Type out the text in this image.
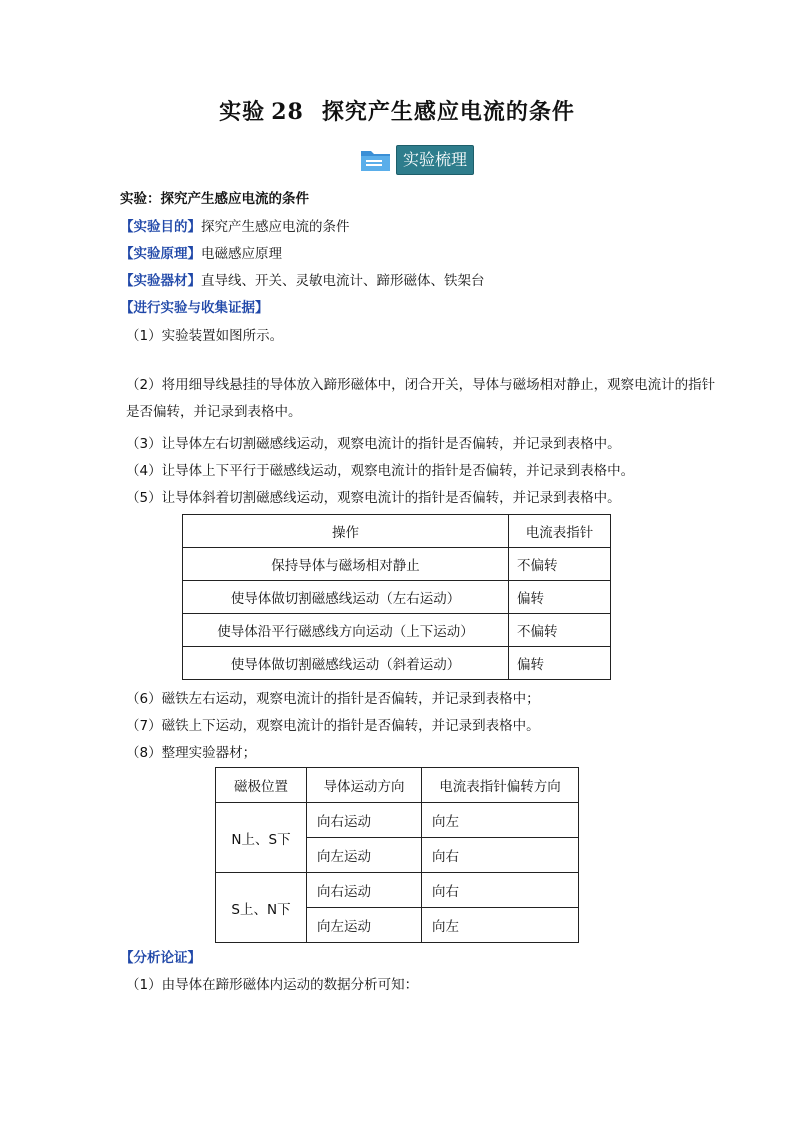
实验 28 探究产生感应电流的条件
实验梳理
实验：探究产生感应电流的条件
【实验目的】探究产生感应电流的条件
【实验原理】电磁感应原理
【实验器材】直导线、开关、灵敏电流计、蹄形磁体、铁架台
【进行实验与收集证据】
（1）实验装置如图所示。
（2）将用细导线悬挂的导体放入蹄形磁体中，闭合开关，导体与磁场相对静止，观察电流计的指针是否偏转，并记录到表格中。
（3）让导体左右切割磁感线运动，观察电流计的指针是否偏转，并记录到表格中。
（4）让导体上下平行于磁感线运动，观察电流计的指针是否偏转，并记录到表格中。
（5）让导体斜着切割磁感线运动，观察电流计的指针是否偏转，并记录到表格中。
操作	电流表指针
保持导体与磁场相对静止	不偏转
使导体做切割磁感线运动（左右运动）	偏转
使导体沿平行磁感线方向运动（上下运动）	不偏转
使导体做切割磁感线运动（斜着运动）	偏转
（6）磁铁左右运动，观察电流计的指针是否偏转，并记录到表格中；
（7）磁铁上下运动，观察电流计的指针是否偏转，并记录到表格中。
（8）整理实验器材；
磁极位置	导体运动方向	电流表指针偏转方向
N上、S下	向右运动	向左
	向左运动	向右
S上、N下	向右运动	向右
	向左运动	向左
【分析论证】
（1）由导体在蹄形磁体内运动的数据分析可知：
